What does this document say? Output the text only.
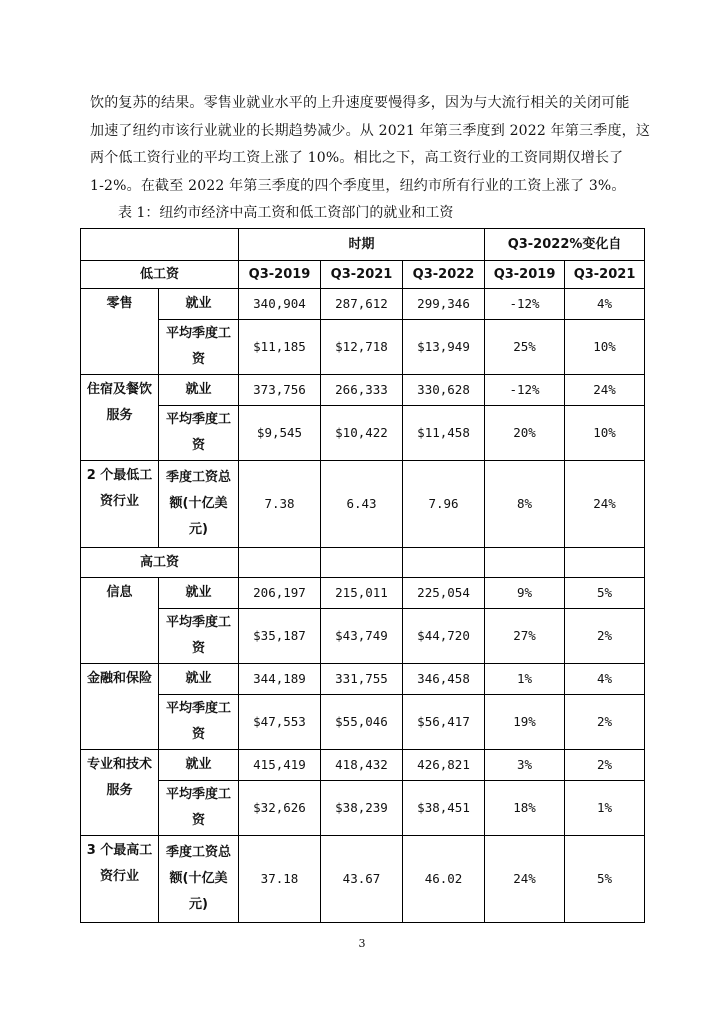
饮的复苏的结果。零售业就业水平的上升速度要慢得多，因为与大流行相关的关闭可能
加速了纽约市该行业就业的长期趋势减少。从 2021 年第三季度到 2022 年第三季度，这
两个低工资行业的平均工资上涨了 10%。相比之下，高工资行业的工资同期仅增长了
1-2%。在截至 2022 年第三季度的四个季度里，纽约市所有行业的工资上涨了 3%。
表 1：纽约市经济中高工资和低工资部门的就业和工资
		时期			Q3-2022%变化自	
低工资		Q3-2019	Q3-2021	Q3-2022	Q3-2019	Q3-2021
零售	就业	340,904	287,612	299,346	-12%	4%
	平均季度工资	$11,185	$12,718	$13,949	25%	10%
住宿及餐饮服务	就业	373,756	266,333	330,628	-12%	24%
	平均季度工资	$9,545	$10,422	$11,458	20%	10%
2 个最低工资行业	季度工资总额(十亿美元)	7.38	6.43	7.96	8%	24%
高工资						
信息	就业	206,197	215,011	225,054	9%	5%
	平均季度工资	$35,187	$43,749	$44,720	27%	2%
金融和保险	就业	344,189	331,755	346,458	1%	4%
	平均季度工资	$47,553	$55,046	$56,417	19%	2%
专业和技术服务	就业	415,419	418,432	426,821	3%	2%
	平均季度工资	$32,626	$38,239	$38,451	18%	1%
3 个最高工资行业	季度工资总额(十亿美元)	37.18	43.67	46.02	24%	5%
3
